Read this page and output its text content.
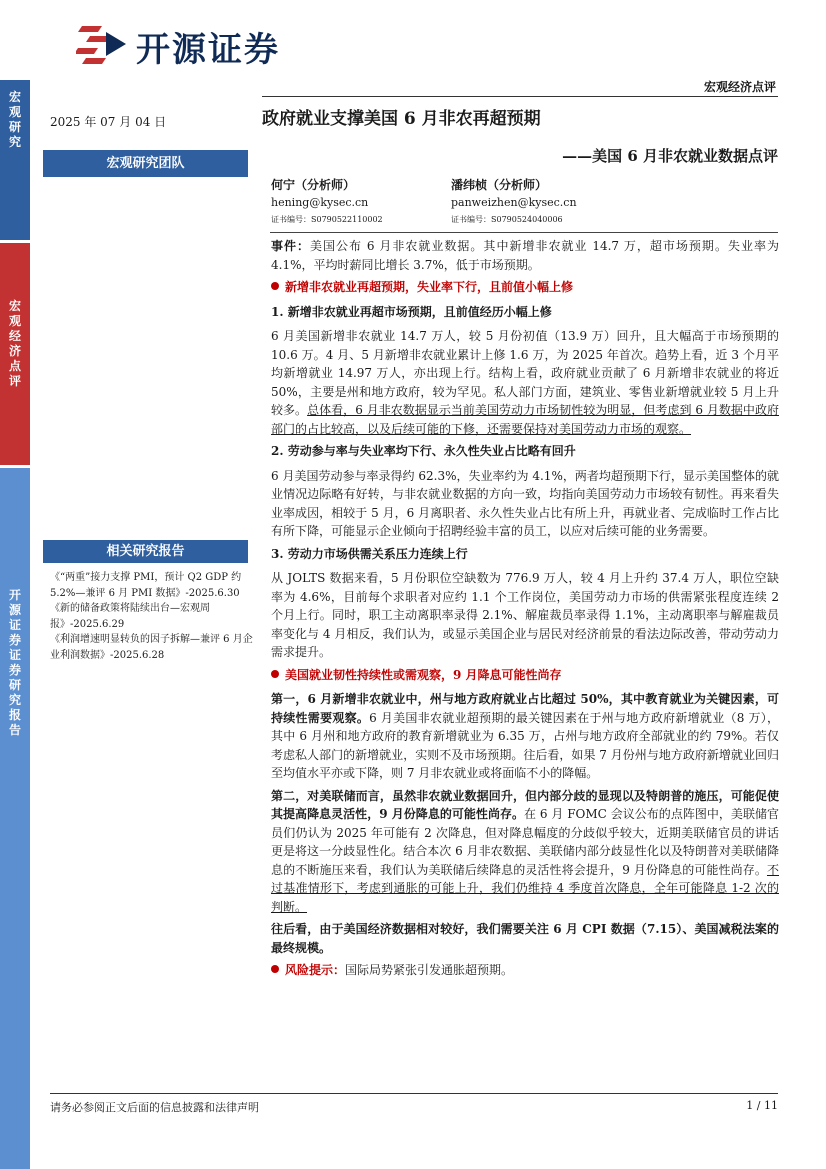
宏观研究
宏观经济点评
开源证券 证券研究报告
开源证券
宏观经济点评
2025 年 07 月 04 日	政府就业支撑美国 6 月非农再超预期
——美国 6 月非农就业数据点评
宏观研究团队
何宁（分析师）
hening@kysec.cn
证书编号：S0790522110002
潘纬桢（分析师）
panweizhen@kysec.cn
证书编号：S0790524040006
相关研究报告
《“两重”接力支撑 PMI，预计 Q2 GDP 约 5.2%—兼评 6 月 PMI 数据》-2025.6.30
《新的储备政策将陆续出台—宏观周报》-2025.6.29
《利润增速明显转负的因子拆解—兼评 6 月企业利润数据》-2025.6.28

事件：美国公布 6 月非农就业数据。其中新增非农就业 14.7 万，超市场预期。失业率为 4.1%，平均时薪同比增长 3.7%，低于市场预期。

新增非农就业再超预期，失业率下行，且前值小幅上修

1. 新增非农就业再超市场预期，且前值经历小幅上修

6 月美国新增非农就业 14.7 万人，较 5 月份初值（13.9 万）回升，且大幅高于市场预期的 10.6 万。4 月、5 月新增非农就业累计上修 1.6 万，为 2025 年首次。趋势上看，近 3 个月平均新增就业 14.97 万人，亦出现上行。结构上看，政府就业贡献了 6 月新增非农就业的将近 50%，主要是州和地方政府，较为罕见。私人部门方面，建筑业、零售业新增就业较 5 月上升较多。总体看，6 月非农数据显示当前美国劳动力市场韧性较为明显，但考虑到 6 月数据中政府部门的占比较高，以及后续可能的下修，还需要保持对美国劳动力市场的观察。

2. 劳动参与率与失业率均下行、永久性失业占比略有回升

6 月美国劳动参与率录得约 62.3%，失业率约为 4.1%，两者均超预期下行，显示美国整体的就业情况边际略有好转，与非农就业数据的方向一致，均指向美国劳动力市场较有韧性。再来看失业率成因，相较于 5 月，6 月离职者、永久性失业占比有所上升，再就业者、完成临时工作占比有所下降，可能显示企业倾向于招聘经验丰富的员工，以应对后续可能的业务需要。

3. 劳动力市场供需关系压力连续上行

从 JOLTS 数据来看，5 月份职位空缺数为 776.9 万人，较 4 月上升约 37.4 万人，职位空缺率为 4.6%，目前每个求职者对应约 1.1 个工作岗位，美国劳动力市场的供需紧张程度连续 2 个月上行。同时，职工主动离职率录得 2.1%、解雇裁员率录得 1.1%，主动离职率与解雇裁员率变化与 4 月相反，我们认为，或显示美国企业与居民对经济前景的看法边际改善，带动劳动力需求提升。

美国就业韧性持续性或需观察，9 月降息可能性尚存

第一，6 月新增非农就业中，州与地方政府就业占比超过 50%，其中教育就业为关键因素，可持续性需要观察。6 月美国非农就业超预期的最关键因素在于州与地方政府新增就业（8 万），其中 6 月州和地方政府的教育新增就业为 6.35 万，占州与地方政府全部就业的约 79%。若仅考虑私人部门的新增就业，实则不及市场预期。往后看，如果 7 月份州与地方政府新增就业回归至均值水平亦或下降，则 7 月非农就业或将面临不小的降幅。

第二，对美联储而言，虽然非农就业数据回升，但内部分歧的显现以及特朗普的施压，可能促使其提高降息灵活性，9 月份降息的可能性尚存。在 6 月 FOMC 会议公布的点阵图中，美联储官员们仍认为 2025 年可能有 2 次降息，但对降息幅度的分歧似乎较大，近期美联储官员的讲话更是将这一分歧显性化。结合本次 6 月非农数据、美联储内部分歧显性化以及特朗普对美联储降息的不断施压来看，我们认为美联储后续降息的灵活性将会提升，9 月份降息的可能性尚存。不过基准情形下，考虑到通胀的可能上升，我们仍维持 4 季度首次降息，全年可能降息 1-2 次的判断。

往后看，由于美国经济数据相对较好，我们需要关注 6 月 CPI 数据（7.15）、美国减税法案的最终规模。

风险提示：国际局势紧张引发通胀超预期。

请务必参阅正文后面的信息披露和法律声明	1 / 11
